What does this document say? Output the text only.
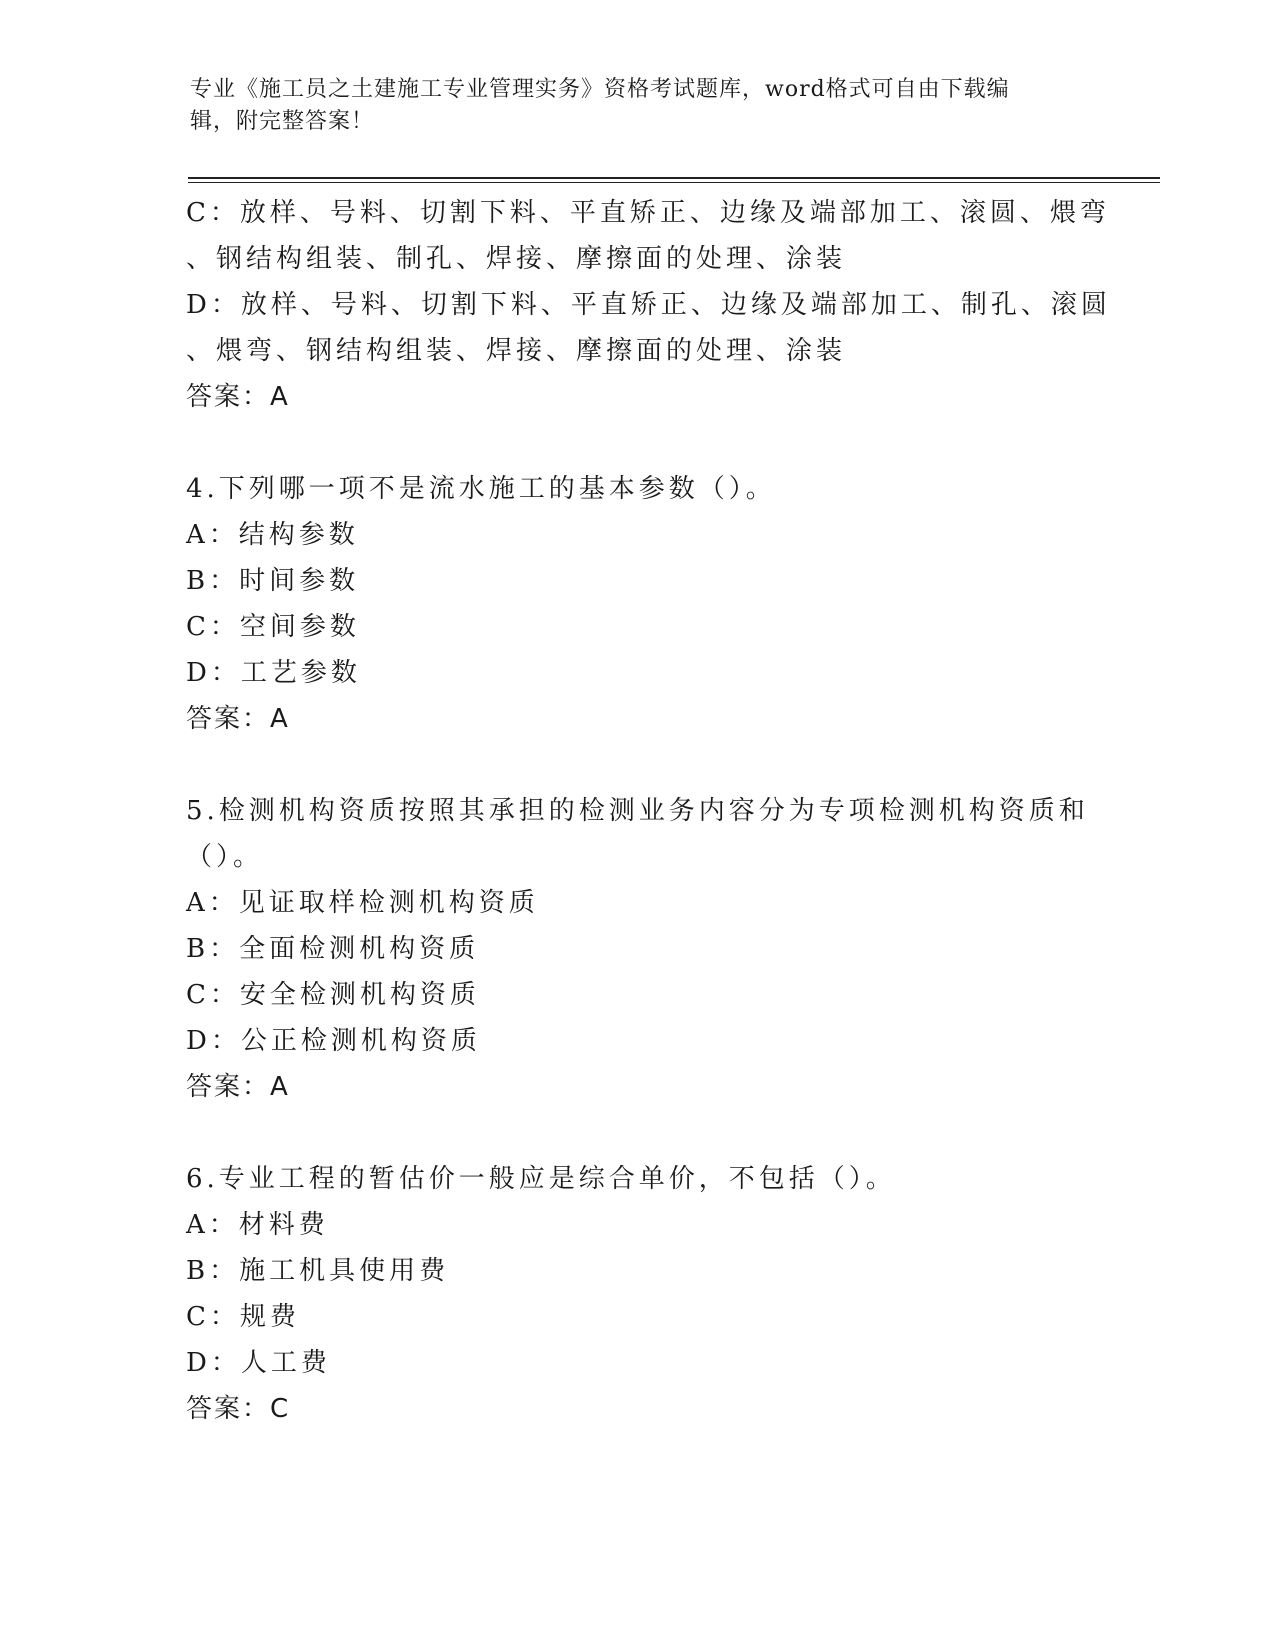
专业《施工员之土建施工专业管理实务》资格考试题库，word格式可自由下载编
辑，附完整答案！
C：放样、号料、切割下料、平直矫正、边缘及端部加工、滚圆、煨弯
、钢结构组装、制孔、焊接、摩擦面的处理、涂装
D：放样、号料、切割下料、平直矫正、边缘及端部加工、制孔、滚圆
、煨弯、钢结构组装、焊接、摩擦面的处理、涂装
答案：A
4.下列哪一项不是流水施工的基本参数（）。
A：结构参数
B：时间参数
C：空间参数
D：工艺参数
答案：A
5.检测机构资质按照其承担的检测业务内容分为专项检测机构资质和
（）。
A：见证取样检测机构资质
B：全面检测机构资质
C：安全检测机构资质
D：公正检测机构资质
答案：A
6.专业工程的暂估价一般应是综合单价，不包括（）。
A：材料费
B：施工机具使用费
C：规费
D：人工费
答案：C
